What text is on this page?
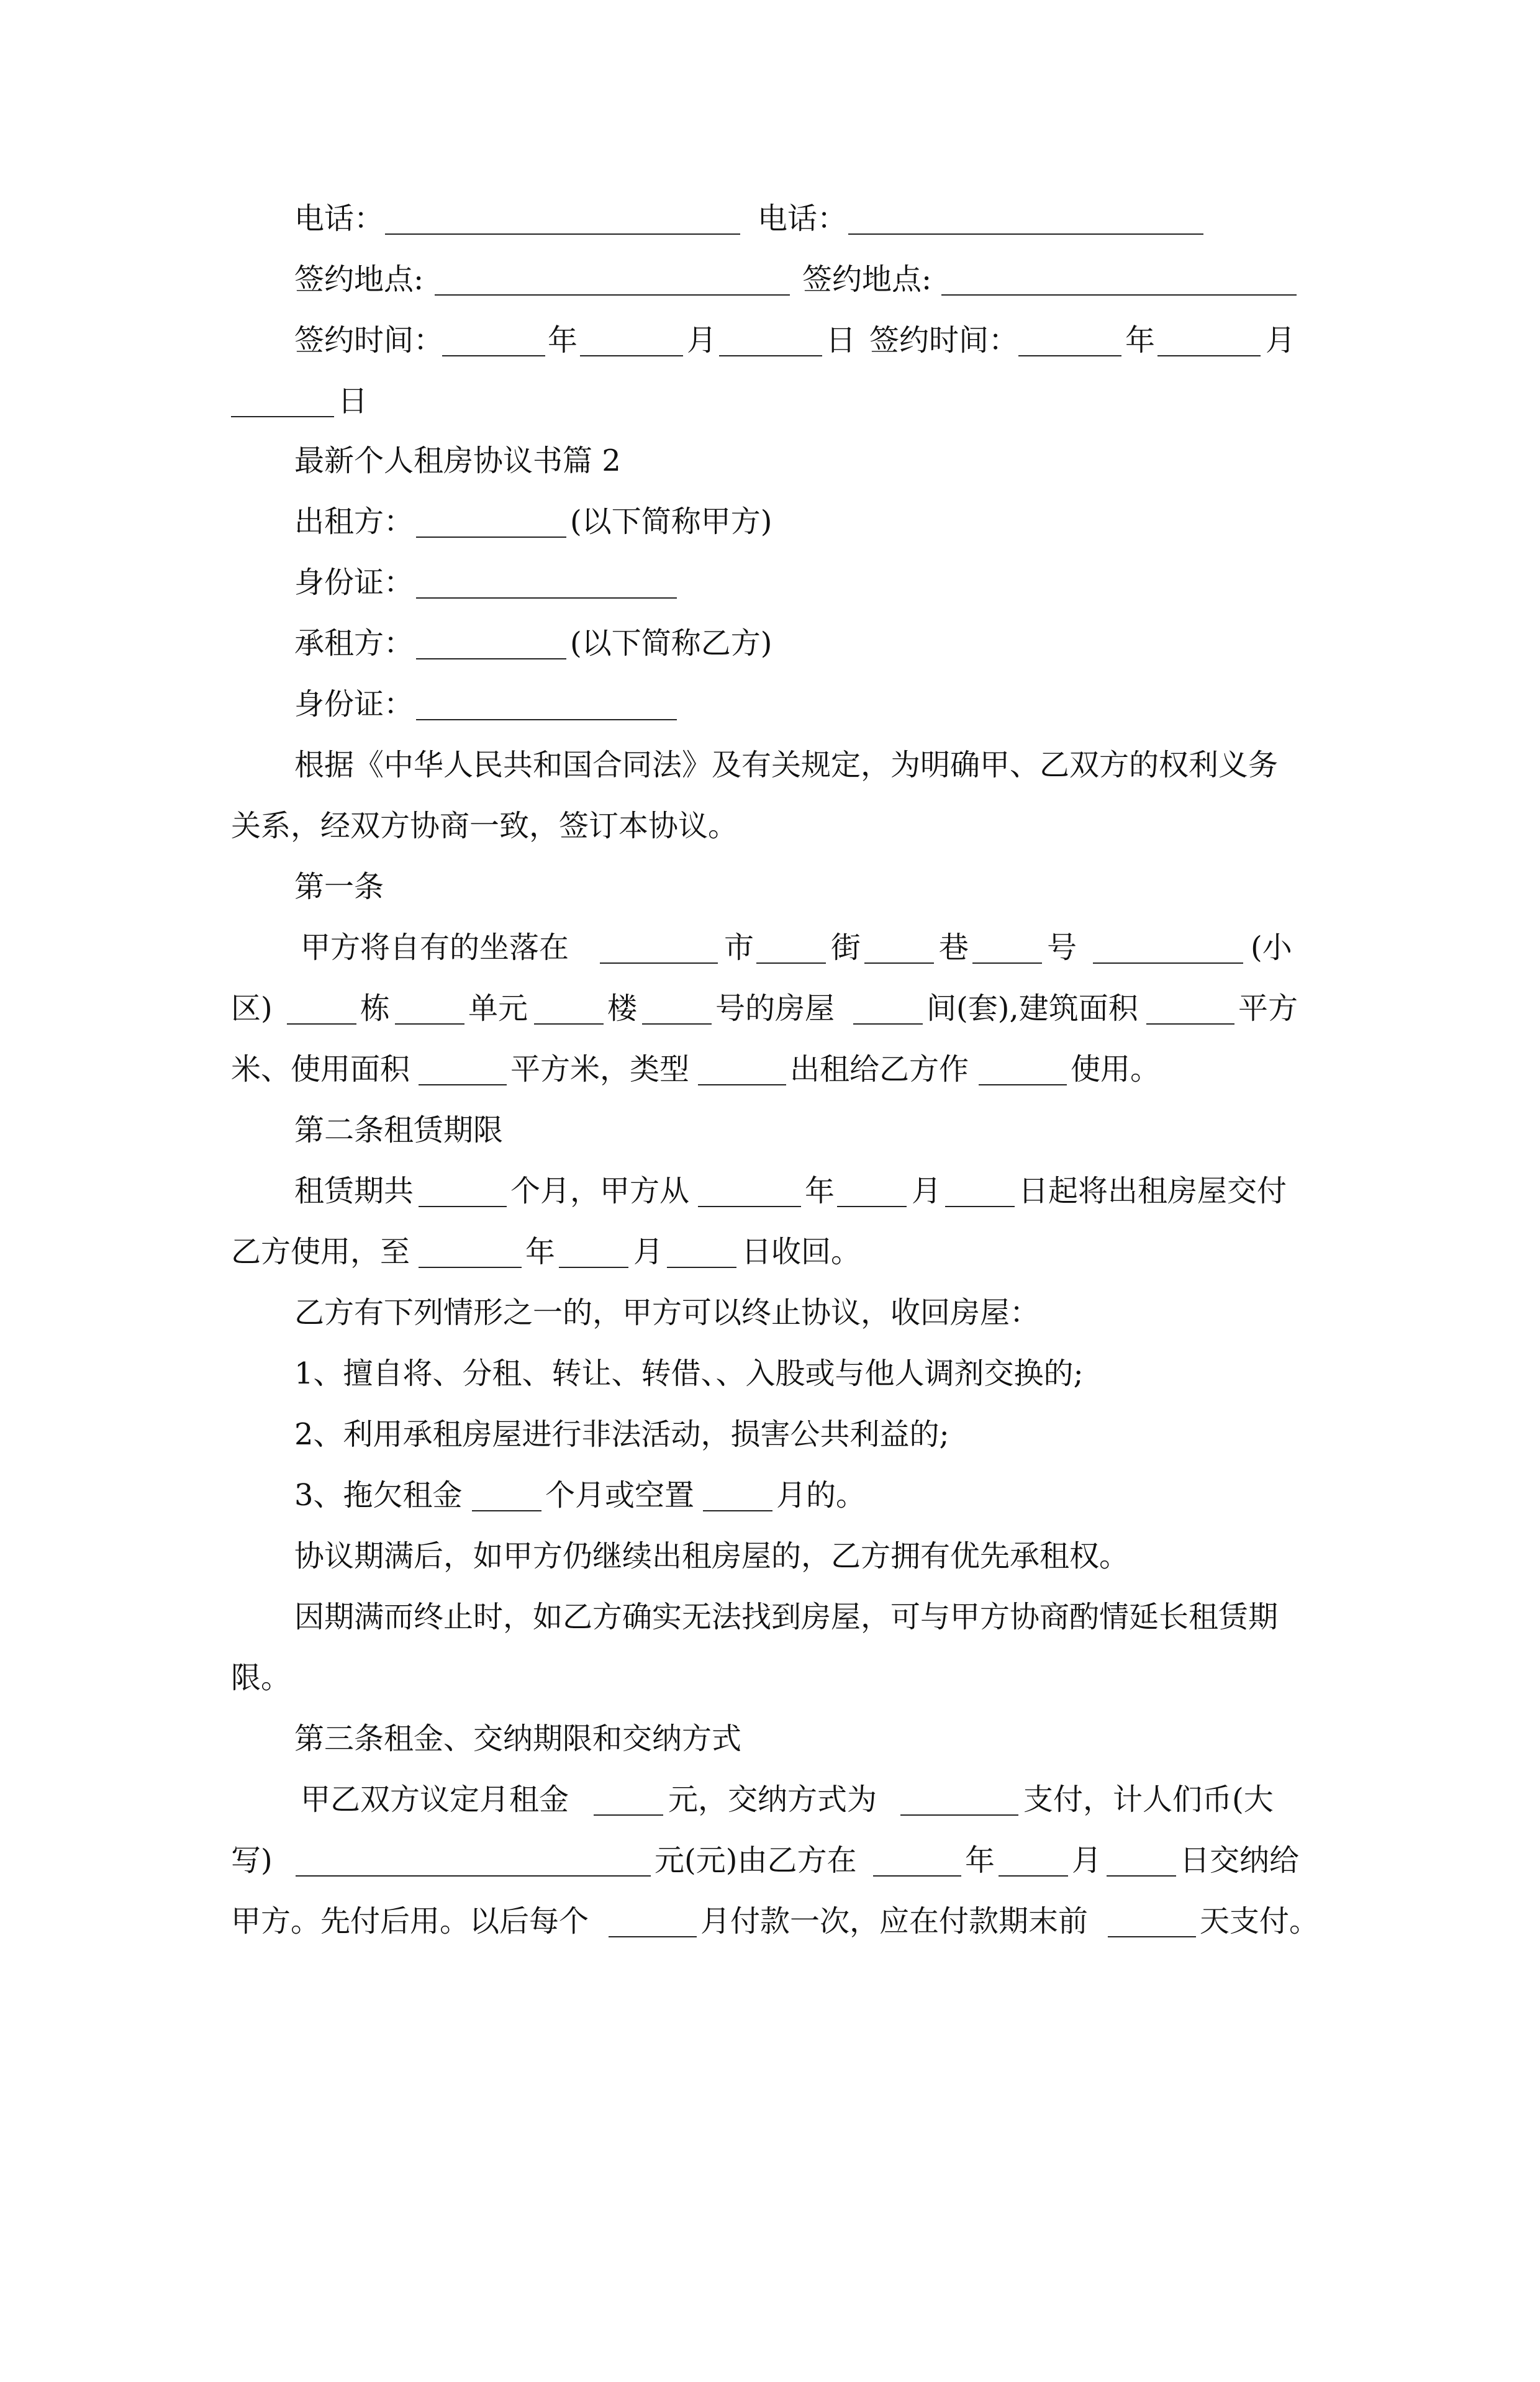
电话：

	电话：

签约地点:

	签约地点:

签约时间：

	年

	月

	日

签约时间：

	年

	月

日

最新个人租房协议书篇 2

出租方：

	(以下简称甲方)

身份证：

承租方：

	(以下简称乙方)

身份证：

根据《中华人民共和国合同法》及有关规定，为明确甲、乙双方的权利义务

关系，经双方协商一致，签订本协议。

第一条

甲方将自有的坐落在

	市

	街

	巷

	号

	(小

区)

	栋

	单元

	楼

	号的房屋

	间(套),建筑面积

	平方

米、使用面积

	平方米，类型

	出租给乙方作

	使用。

第二条租赁期限

租赁期共

	个月，甲方从

	年

	月

	日起将出租房屋交付

乙方使用，至

	年

	月

	日收回。

乙方有下列情形之一的，甲方可以终止协议，收回房屋：

1、擅自将、分租、转让、转借、、入股或与他人调剂交换的;

2、利用承租房屋进行非法活动，损害公共利益的;

3、拖欠租金

	个月或空置

	月的。

协议期满后，如甲方仍继续出租房屋的，乙方拥有优先承租权。

因期满而终止时，如乙方确实无法找到房屋，可与甲方协商酌情延长租赁期

限。

第三条租金、交纳期限和交纳方式

甲乙双方议定月租金

	元，交纳方式为

	支付，计人们币(大

写)

	元(元)由乙方在

	年

	月

	日交纳给

甲方。先付后用。以后每个

	月付款一次，应在付款期末前

	天支付。
